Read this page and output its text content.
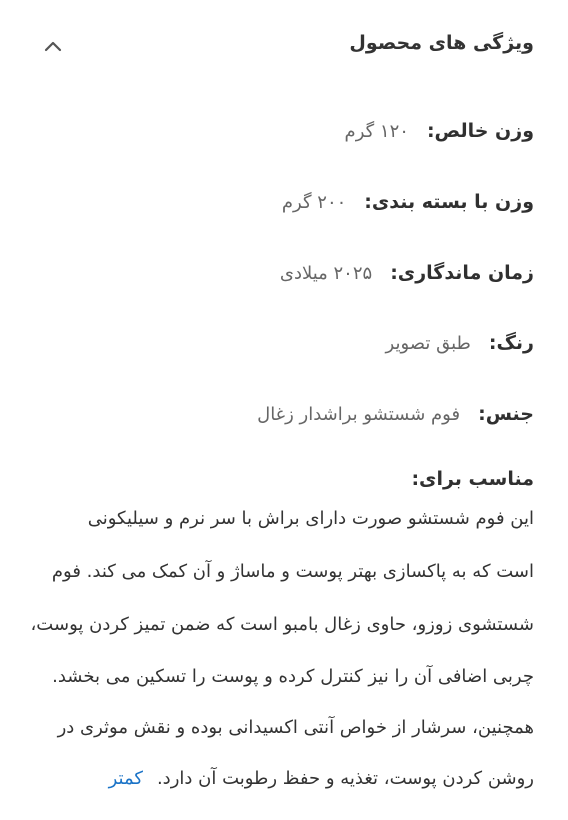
ویژگی های محصول
وزن خالص:
۱۲۰ گرم
وزن با بسته بندی:
۲۰۰ گرم
زمان ماندگاری:
۲۰۲۵ میلادی
رنگ:
طبق تصویر
جنس:
فوم شستشو براشدار زغال
مناسب برای:
این فوم شستشو صورت دارای براش با سر نرم و سیلیکونی
است که به پاکسازی بهتر پوست و ماساژ و آن کمک می کند. فوم
شستشوی زوزو، حاوی زغال بامبو است که ضمن تمیز کردن پوست،
چربی اضافی آن را نیز کنترل کرده و پوست را تسکین می بخشد.
همچنین، سرشار از خواص آنتی اکسیدانی بوده و نقش موثری در
روشن کردن پوست، تغذیه و حفظ رطوبت آن دارد.کمتر
